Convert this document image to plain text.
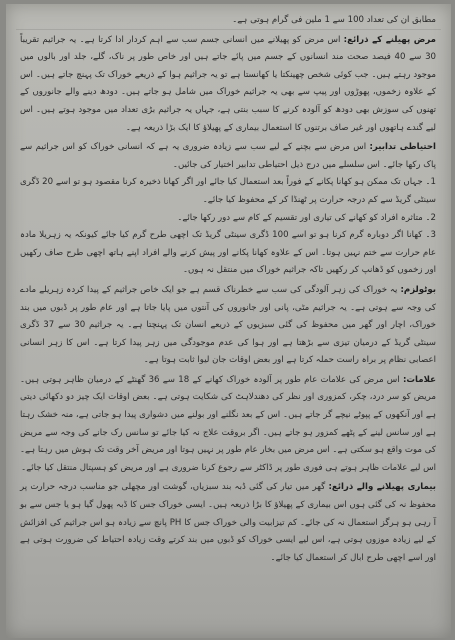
مطابق ان کی تعداد 100 سے 1 ملین فی گرام ہوتی ہے۔

مرض پھیلنے کے ذرائع: اس مرض کو پھیلانے میں انسانی جسم سب سے اہم کردار ادا کرتا ہے۔ یہ جراثیم تقریباً 30 سے 40 فیصد صحت مند انسانوں کے جسم میں پائے جاتے ہیں اور خاص طور پر ناک، گلے، جلد اور بالوں میں موجود رہتے ہیں۔ جب کوئی شخص چھینکتا یا کھانستا ہے تو یہ جراثیم ہوا کے ذریعے خوراک تک پہنچ جاتے ہیں۔ اس کے علاوہ زخموں، پھوڑوں اور پیپ سے بھی یہ جراثیم خوراک میں شامل ہو جاتے ہیں۔ دودھ دینے والے جانوروں کے تھنوں کی سوزش بھی دودھ کو آلودہ کرنے کا سبب بنتی ہے، جہاں یہ جراثیم بڑی تعداد میں موجود ہوتے ہیں۔ اس لیے گندے ہاتھوں اور غیر صاف برتنوں کا استعمال بیماری کے پھیلاؤ کا ایک بڑا ذریعہ ہے۔

احتیاطی تدابیر: اس مرض سے بچنے کے لیے سب سے زیادہ ضروری یہ ہے کہ انسانی خوراک کو اس جراثیم سے پاک رکھا جائے۔ اس سلسلے میں درج ذیل احتیاطی تدابیر اختیار کی جائیں۔

1۔ جہاں تک ممکن ہو کھانا پکانے کے فوراً بعد استعمال کیا جائے اور اگر کھانا ذخیرہ کرنا مقصود ہو تو اسے 20 ڈگری سینٹی گریڈ سے کم درجہ حرارت پر ٹھنڈا کر کے محفوظ کیا جائے۔

2۔ متاثرہ افراد کو کھانے کی تیاری اور تقسیم کے کام سے دور رکھا جائے۔

3۔ کھانا اگر دوبارہ گرم کرنا ہو تو اسے 100 ڈگری سینٹی گریڈ تک اچھی طرح گرم کیا جائے کیونکہ یہ زہریلا مادہ عام حرارت سے ختم نہیں ہوتا۔ اس کے علاوہ کھانا پکانے اور پیش کرنے والے افراد اپنے ہاتھ اچھی طرح صاف رکھیں اور زخموں کو ڈھانپ کر رکھیں تاکہ جراثیم خوراک میں منتقل نہ ہوں۔

بوٹولزم: یہ خوراک کی زہر آلودگی کی سب سے خطرناک قسم ہے جو ایک خاص جراثیم کے پیدا کردہ زہریلے مادے کی وجہ سے ہوتی ہے۔ یہ جراثیم مٹی، پانی اور جانوروں کی آنتوں میں پایا جاتا ہے اور عام طور پر ڈبوں میں بند خوراک، اچار اور گھر میں محفوظ کی گئی سبزیوں کے ذریعے انسان تک پہنچتا ہے۔ یہ جراثیم 30 سے 37 ڈگری سینٹی گریڈ کے درمیان تیزی سے بڑھتا ہے اور ہوا کی عدم موجودگی میں زہر پیدا کرتا ہے۔ اس کا زہر انسانی اعصابی نظام پر براہ راست حملہ کرتا ہے اور بعض اوقات جان لیوا ثابت ہوتا ہے۔

علامات: اس مرض کی علامات عام طور پر آلودہ خوراک کھانے کے 18 سے 36 گھنٹے کے درمیان ظاہر ہوتی ہیں۔ مریض کو سر درد، چکر، کمزوری اور نظر کی دھندلاہٹ کی شکایت ہوتی ہے۔ بعض اوقات ایک چیز دو دکھائی دیتی ہے اور آنکھوں کے پپوٹے نیچے گر جاتے ہیں۔ اس کے بعد نگلنے اور بولنے میں دشواری پیدا ہو جاتی ہے، منہ خشک رہتا ہے اور سانس لینے کے پٹھے کمزور ہو جاتے ہیں۔ اگر بروقت علاج نہ کیا جائے تو سانس رک جانے کی وجہ سے مریض کی موت واقع ہو سکتی ہے۔ اس مرض میں بخار عام طور پر نہیں ہوتا اور مریض آخر وقت تک ہوش میں رہتا ہے۔ اس لیے علامات ظاہر ہوتے ہی فوری طور پر ڈاکٹر سے رجوع کرنا ضروری ہے اور مریض کو ہسپتال منتقل کیا جائے۔

بیماری پھیلانے والے ذرائع: گھر میں تیار کی گئی ڈبہ بند سبزیاں، گوشت اور مچھلی جو مناسب درجہ حرارت پر محفوظ نہ کی گئی ہوں اس بیماری کے پھیلاؤ کا بڑا ذریعہ ہیں۔ ایسی خوراک جس کا ڈبہ پھول گیا ہو یا جس سے بو آ رہی ہو ہرگز استعمال نہ کی جائے۔ کم تیزابیت والی خوراک جس کا PH پانچ سے زیادہ ہو اس جراثیم کی افزائش کے لیے زیادہ موزوں ہوتی ہے، اس لیے ایسی خوراک کو ڈبوں میں بند کرتے وقت زیادہ احتیاط کی ضرورت ہوتی ہے اور اسے اچھی طرح ابال کر استعمال کیا جائے۔
